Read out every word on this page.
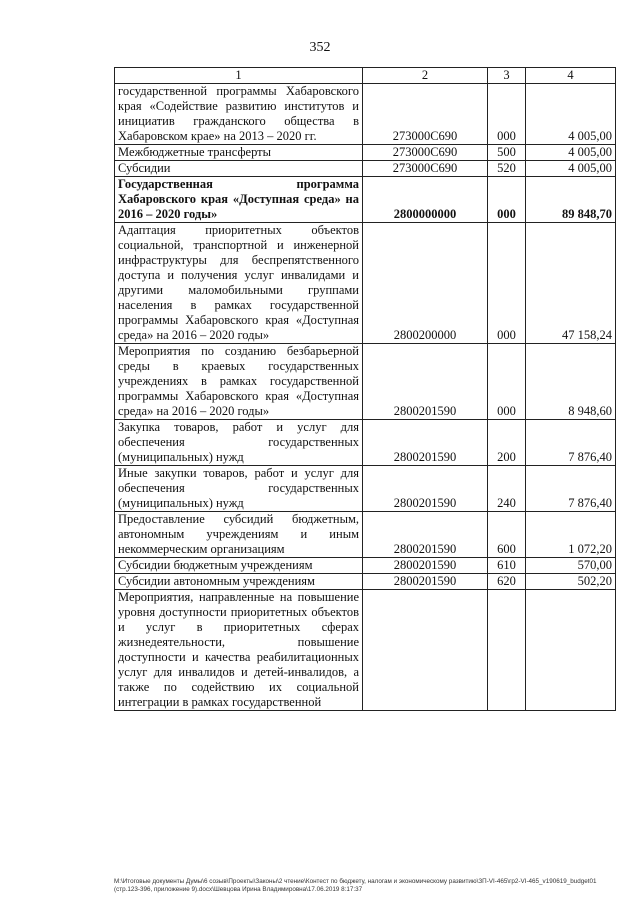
352
1	2	3	4
государственной программы Хабаровского края «Содействие развитию институтов и инициатив гражданского общества в Хабаровском крае» на 2013 – 2020 гг.	273000С690	000	4 005,00
Межбюджетные трансферты	273000С690	500	4 005,00
Субсидии	273000С690	520	4 005,00
Государственная программа Хабаровского края «Доступная среда» на 2016 – 2020 годы»	2800000000	000	89 848,70
Адаптация приоритетных объектов социальной, транспортной и инженерной инфраструктуры для беспрепятственного доступа и получения услуг инвалидами и другими маломобильными группами населения в рамках государственной программы Хабаровского края «Доступная среда» на 2016 – 2020 годы»	2800200000	000	47 158,24
Мероприятия по созданию безбарьерной среды в краевых государственных учреждениях в рамках государственной программы Хабаровского края «Доступная среда» на 2016 – 2020 годы»	2800201590	000	8 948,60
Закупка товаров, работ и услуг для обеспечения государственных (муниципальных) нужд	2800201590	200	7 876,40
Иные закупки товаров, работ и услуг для обеспечения государственных (муниципальных) нужд	2800201590	240	7 876,40
Предоставление субсидий бюджетным, автономным учреждениям и иным некоммерческим организациям	2800201590	600	1 072,20
Субсидии бюджетным учреждениям	2800201590	610	570,00
Субсидии автономным учреждениям	2800201590	620	502,20
Мероприятия, направленные на повышение уровня доступности приоритетных объектов и услуг в приоритетных сферах жизнедеятельности, повышение доступности и качества реабилитационных услуг для инвалидов и детей-инвалидов, а также по содействию их социальной интеграции в рамках государственной			
M:\Итоговые документы Думы\6 созыв\Проекты\Законы\2 чтение\Контест по бюджету, налогам и экономическому развитию\ЗП-VI-465\гр2-VI-465_v190619_budget01 (стр.123-396, приложение 9).docx\Шевцова Ирина Владимировна\17.06.2019 8:17:37
